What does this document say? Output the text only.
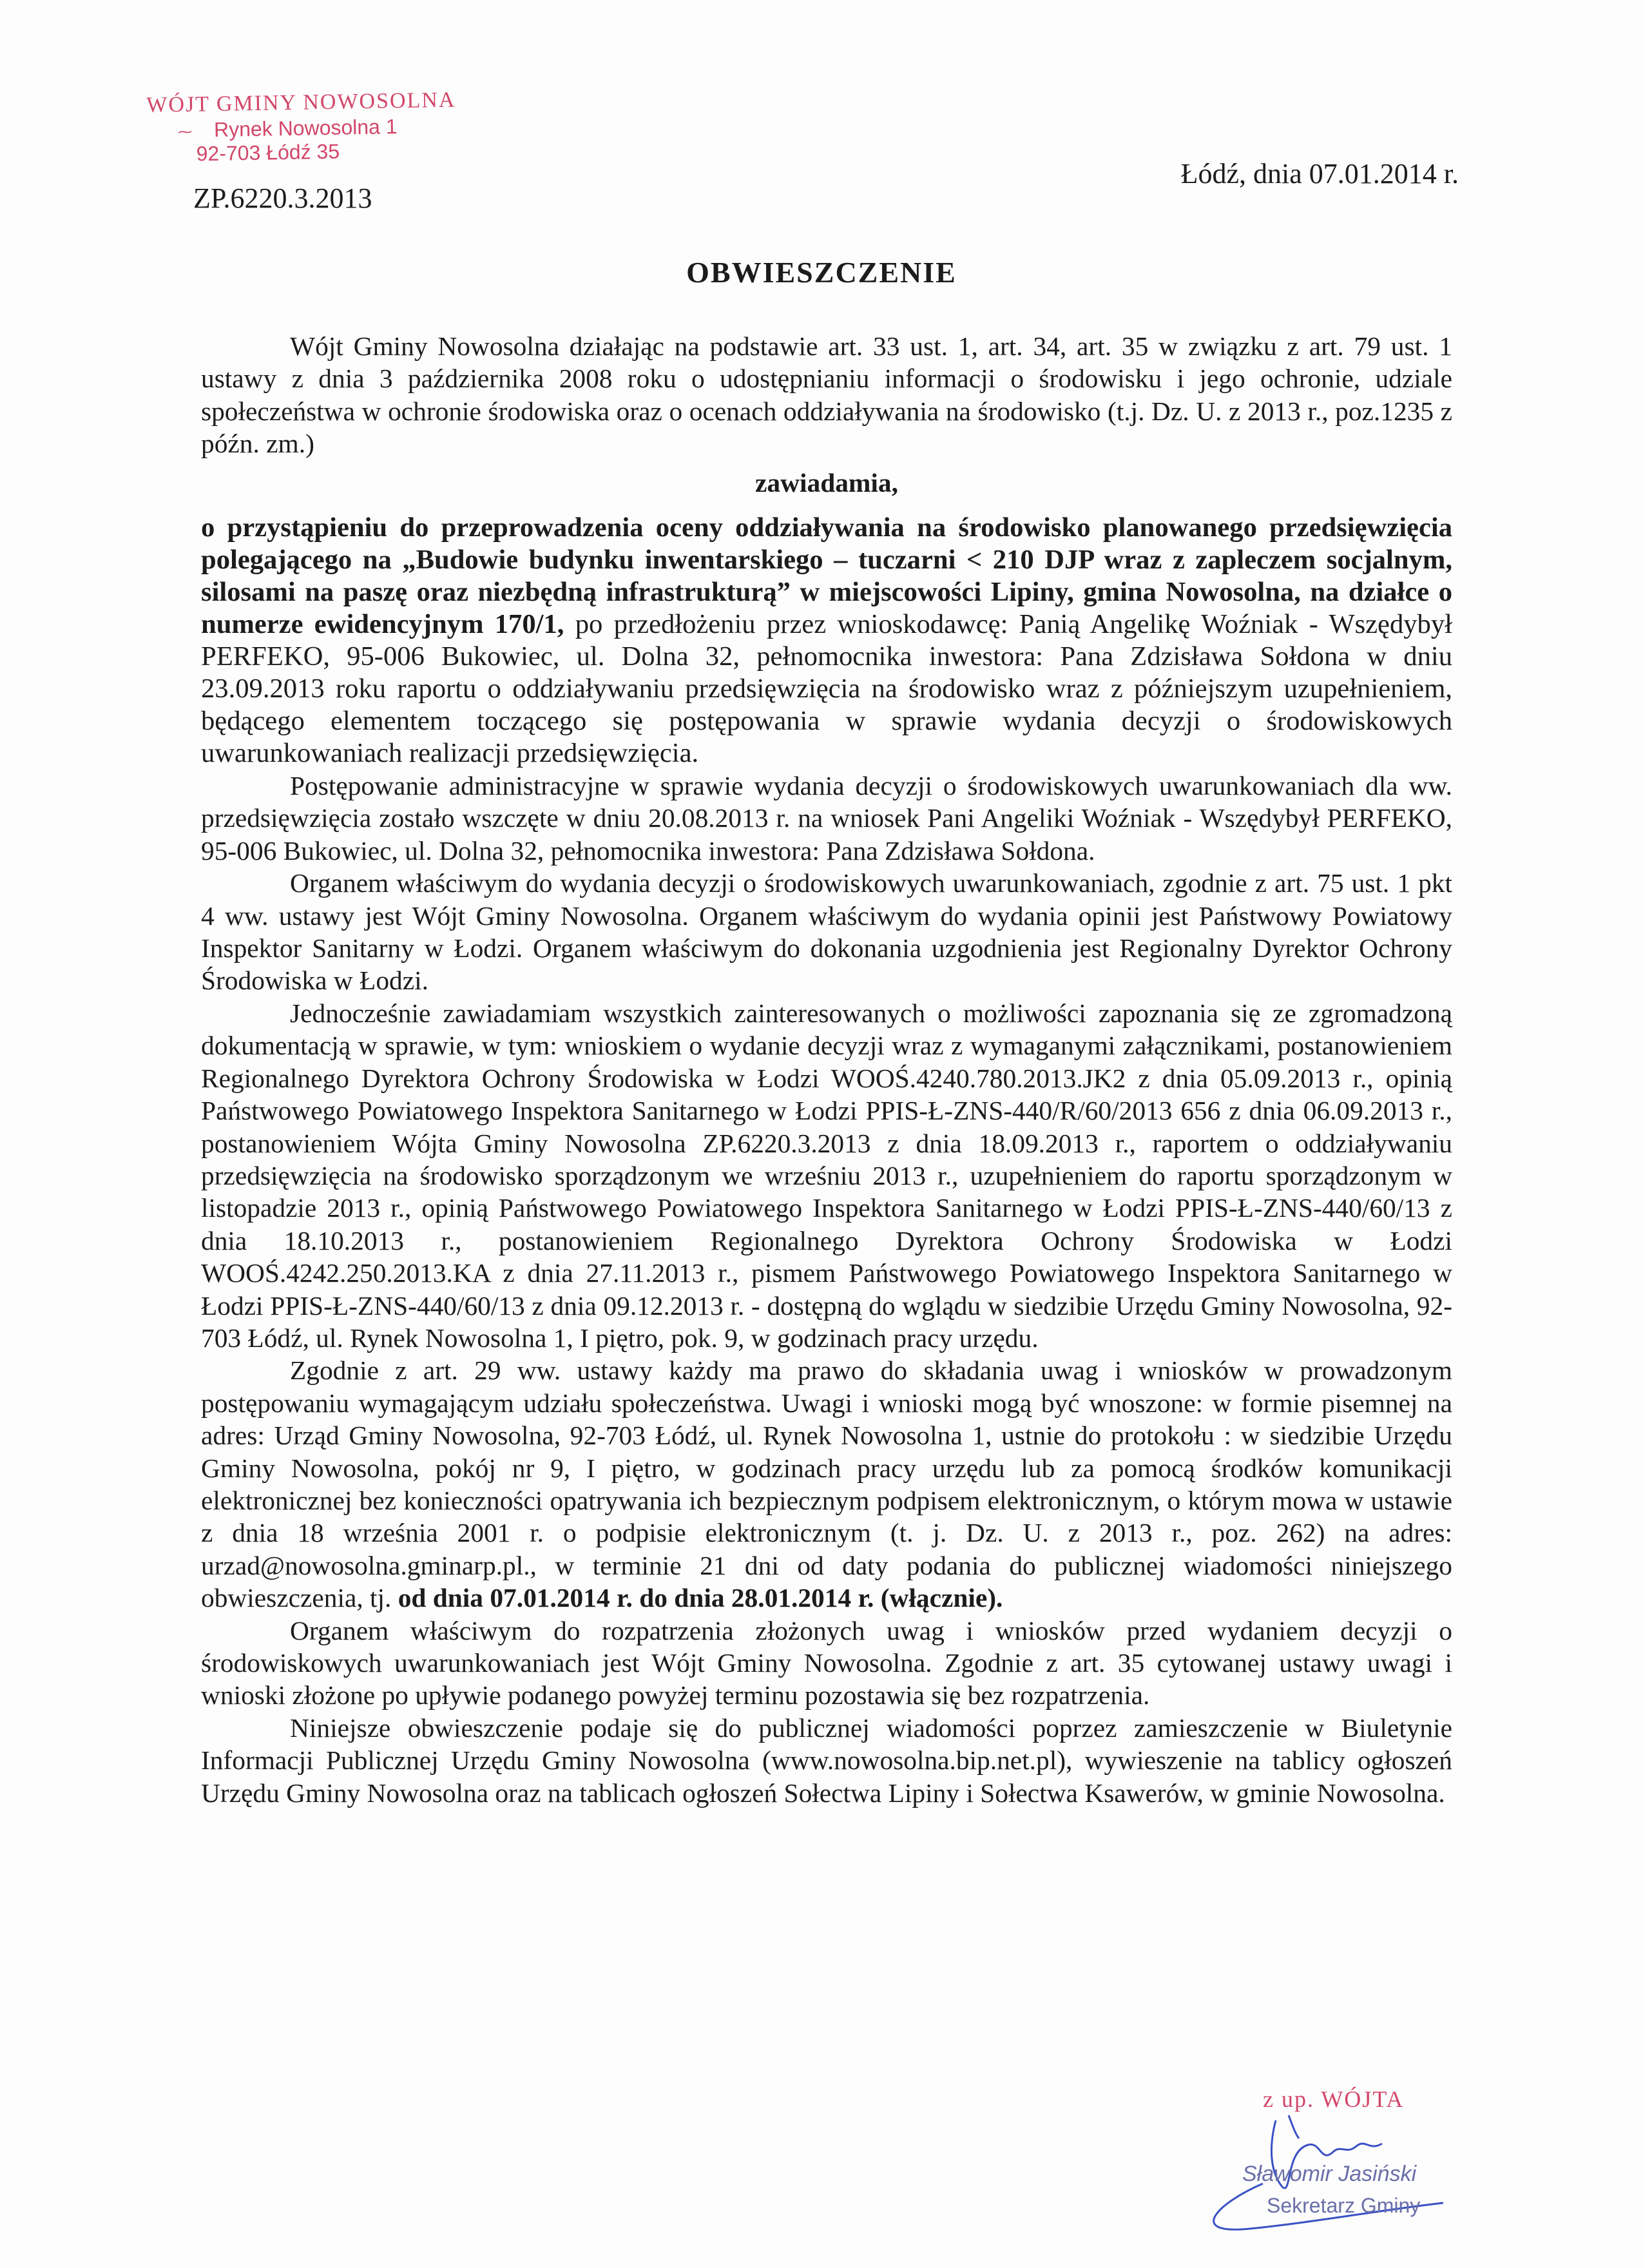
WÓJT GMINY NOWOSOLNA
⁓	Rynek Nowosolna 1
92-703 Łódź 35
ZP.6220.3.2013
Łódź, dnia 07.01.2014 r.
OBWIESZCZENIE

Wójt Gminy Nowosolna działając na podstawie art. 33 ust. 1, art. 34, art. 35 w związku z art. 79 ust. 1 ustawy z dnia 3 października 2008 roku o udostępnianiu informacji o środowisku i jego ochronie, udziale społeczeństwa w ochronie środowiska oraz o ocenach oddziaływania na środowisko (t.j. Dz. U. z 2013 r., poz.1235 z późn. zm.)

zawiadamia,

o przystąpieniu do przeprowadzenia oceny oddziaływania na środowisko planowanego przedsięwzięcia polegającego na „Budowie budynku inwentarskiego – tuczarni < 210 DJP wraz z zapleczem socjalnym, silosami na paszę oraz niezbędną infrastrukturą” w miejscowości Lipiny, gmina Nowosolna, na działce o numerze ewidencyjnym 170/1, po przedłożeniu przez wnioskodawcę: Panią Angelikę Woźniak - Wszędybył PERFEKO, 95-006 Bukowiec, ul. Dolna 32, pełnomocnika inwestora: Pana Zdzisława Sołdona w dniu 23.09.2013 roku raportu o oddziaływaniu przedsięwzięcia na środowisko wraz z późniejszym uzupełnieniem, będącego elementem toczącego się postępowania w sprawie wydania decyzji o środowiskowych uwarunkowaniach realizacji przedsięwzięcia.

Postępowanie administracyjne w sprawie wydania decyzji o środowiskowych uwarunkowaniach dla ww. przedsięwzięcia zostało wszczęte w dniu 20.08.2013 r. na wniosek Pani Angeliki Woźniak - Wszędybył PERFEKO, 95-006 Bukowiec, ul. Dolna 32, pełnomocnika inwestora: Pana Zdzisława Sołdona.

Organem właściwym do wydania decyzji o środowiskowych uwarunkowaniach, zgodnie z art. 75 ust. 1 pkt 4 ww. ustawy jest Wójt Gminy Nowosolna. Organem właściwym do wydania opinii jest Państwowy Powiatowy Inspektor Sanitarny w Łodzi. Organem właściwym do dokonania uzgodnienia jest Regionalny Dyrektor Ochrony Środowiska w Łodzi.

Jednocześnie zawiadamiam wszystkich zainteresowanych o możliwości zapoznania się ze zgromadzoną dokumentacją w sprawie, w tym: wnioskiem o wydanie decyzji wraz z wymaganymi załącznikami, postanowieniem Regionalnego Dyrektora Ochrony Środowiska w Łodzi WOOŚ.4240.780.2013.JK2 z dnia 05.09.2013 r., opinią Państwowego Powiatowego Inspektora Sanitarnego w Łodzi PPIS-Ł-ZNS-440/R/60/2013 656 z dnia 06.09.2013 r., postanowieniem Wójta Gminy Nowosolna ZP.6220.3.2013 z dnia 18.09.2013 r., raportem o oddziaływaniu przedsięwzięcia na środowisko sporządzonym we wrześniu 2013 r., uzupełnieniem do raportu sporządzonym w listopadzie 2013 r., opinią Państwowego Powiatowego Inspektora Sanitarnego w Łodzi PPIS-Ł-ZNS-440/60/13 z dnia 18.10.2013 r., postanowieniem Regionalnego Dyrektora Ochrony Środowiska w Łodzi WOOŚ.4242.250.2013.KA z dnia 27.11.2013 r., pismem Państwowego Powiatowego Inspektora Sanitarnego w Łodzi PPIS-Ł-ZNS-440/60/13 z dnia 09.12.2013 r. - dostępną do wglądu w siedzibie Urzędu Gminy Nowosolna, 92-703 Łódź, ul. Rynek Nowosolna 1, I piętro, pok. 9, w godzinach pracy urzędu.

Zgodnie z art. 29 ww. ustawy każdy ma prawo do składania uwag i wniosków w prowadzonym postępowaniu wymagającym udziału społeczeństwa. Uwagi i wnioski mogą być wnoszone: w formie pisemnej na adres: Urząd Gminy Nowosolna, 92-703 Łódź, ul. Rynek Nowosolna 1, ustnie do protokołu : w siedzibie Urzędu Gminy Nowosolna, pokój nr 9, I piętro, w godzinach pracy urzędu lub za pomocą środków komunikacji elektronicznej bez konieczności opatrywania ich bezpiecznym podpisem elektronicznym, o którym mowa w ustawie z dnia 18 września 2001 r. o podpisie elektronicznym (t. j. Dz. U. z 2013 r., poz. 262) na adres: urzad@nowosolna.gminarp.pl., w terminie 21 dni od daty podania do publicznej wiadomości niniejszego obwieszczenia, tj. od dnia 07.01.2014 r. do dnia 28.01.2014 r. (włącznie).

Organem właściwym do rozpatrzenia złożonych uwag i wniosków przed wydaniem decyzji o środowiskowych uwarunkowaniach jest Wójt Gminy Nowosolna. Zgodnie z art. 35 cytowanej ustawy uwagi i wnioski złożone po upływie podanego powyżej terminu pozostawia się bez rozpatrzenia.

Niniejsze obwieszczenie podaje się do publicznej wiadomości poprzez zamieszczenie w Biuletynie Informacji Publicznej Urzędu Gminy Nowosolna (www.nowosolna.bip.net.pl), wywieszenie na tablicy ogłoszeń Urzędu Gminy Nowosolna oraz na tablicach ogłoszeń Sołectwa Lipiny i Sołectwa Ksawerów, w gminie Nowosolna.

z up. WÓJTA
Sławomir Jasiński
Sekretarz Gminy
